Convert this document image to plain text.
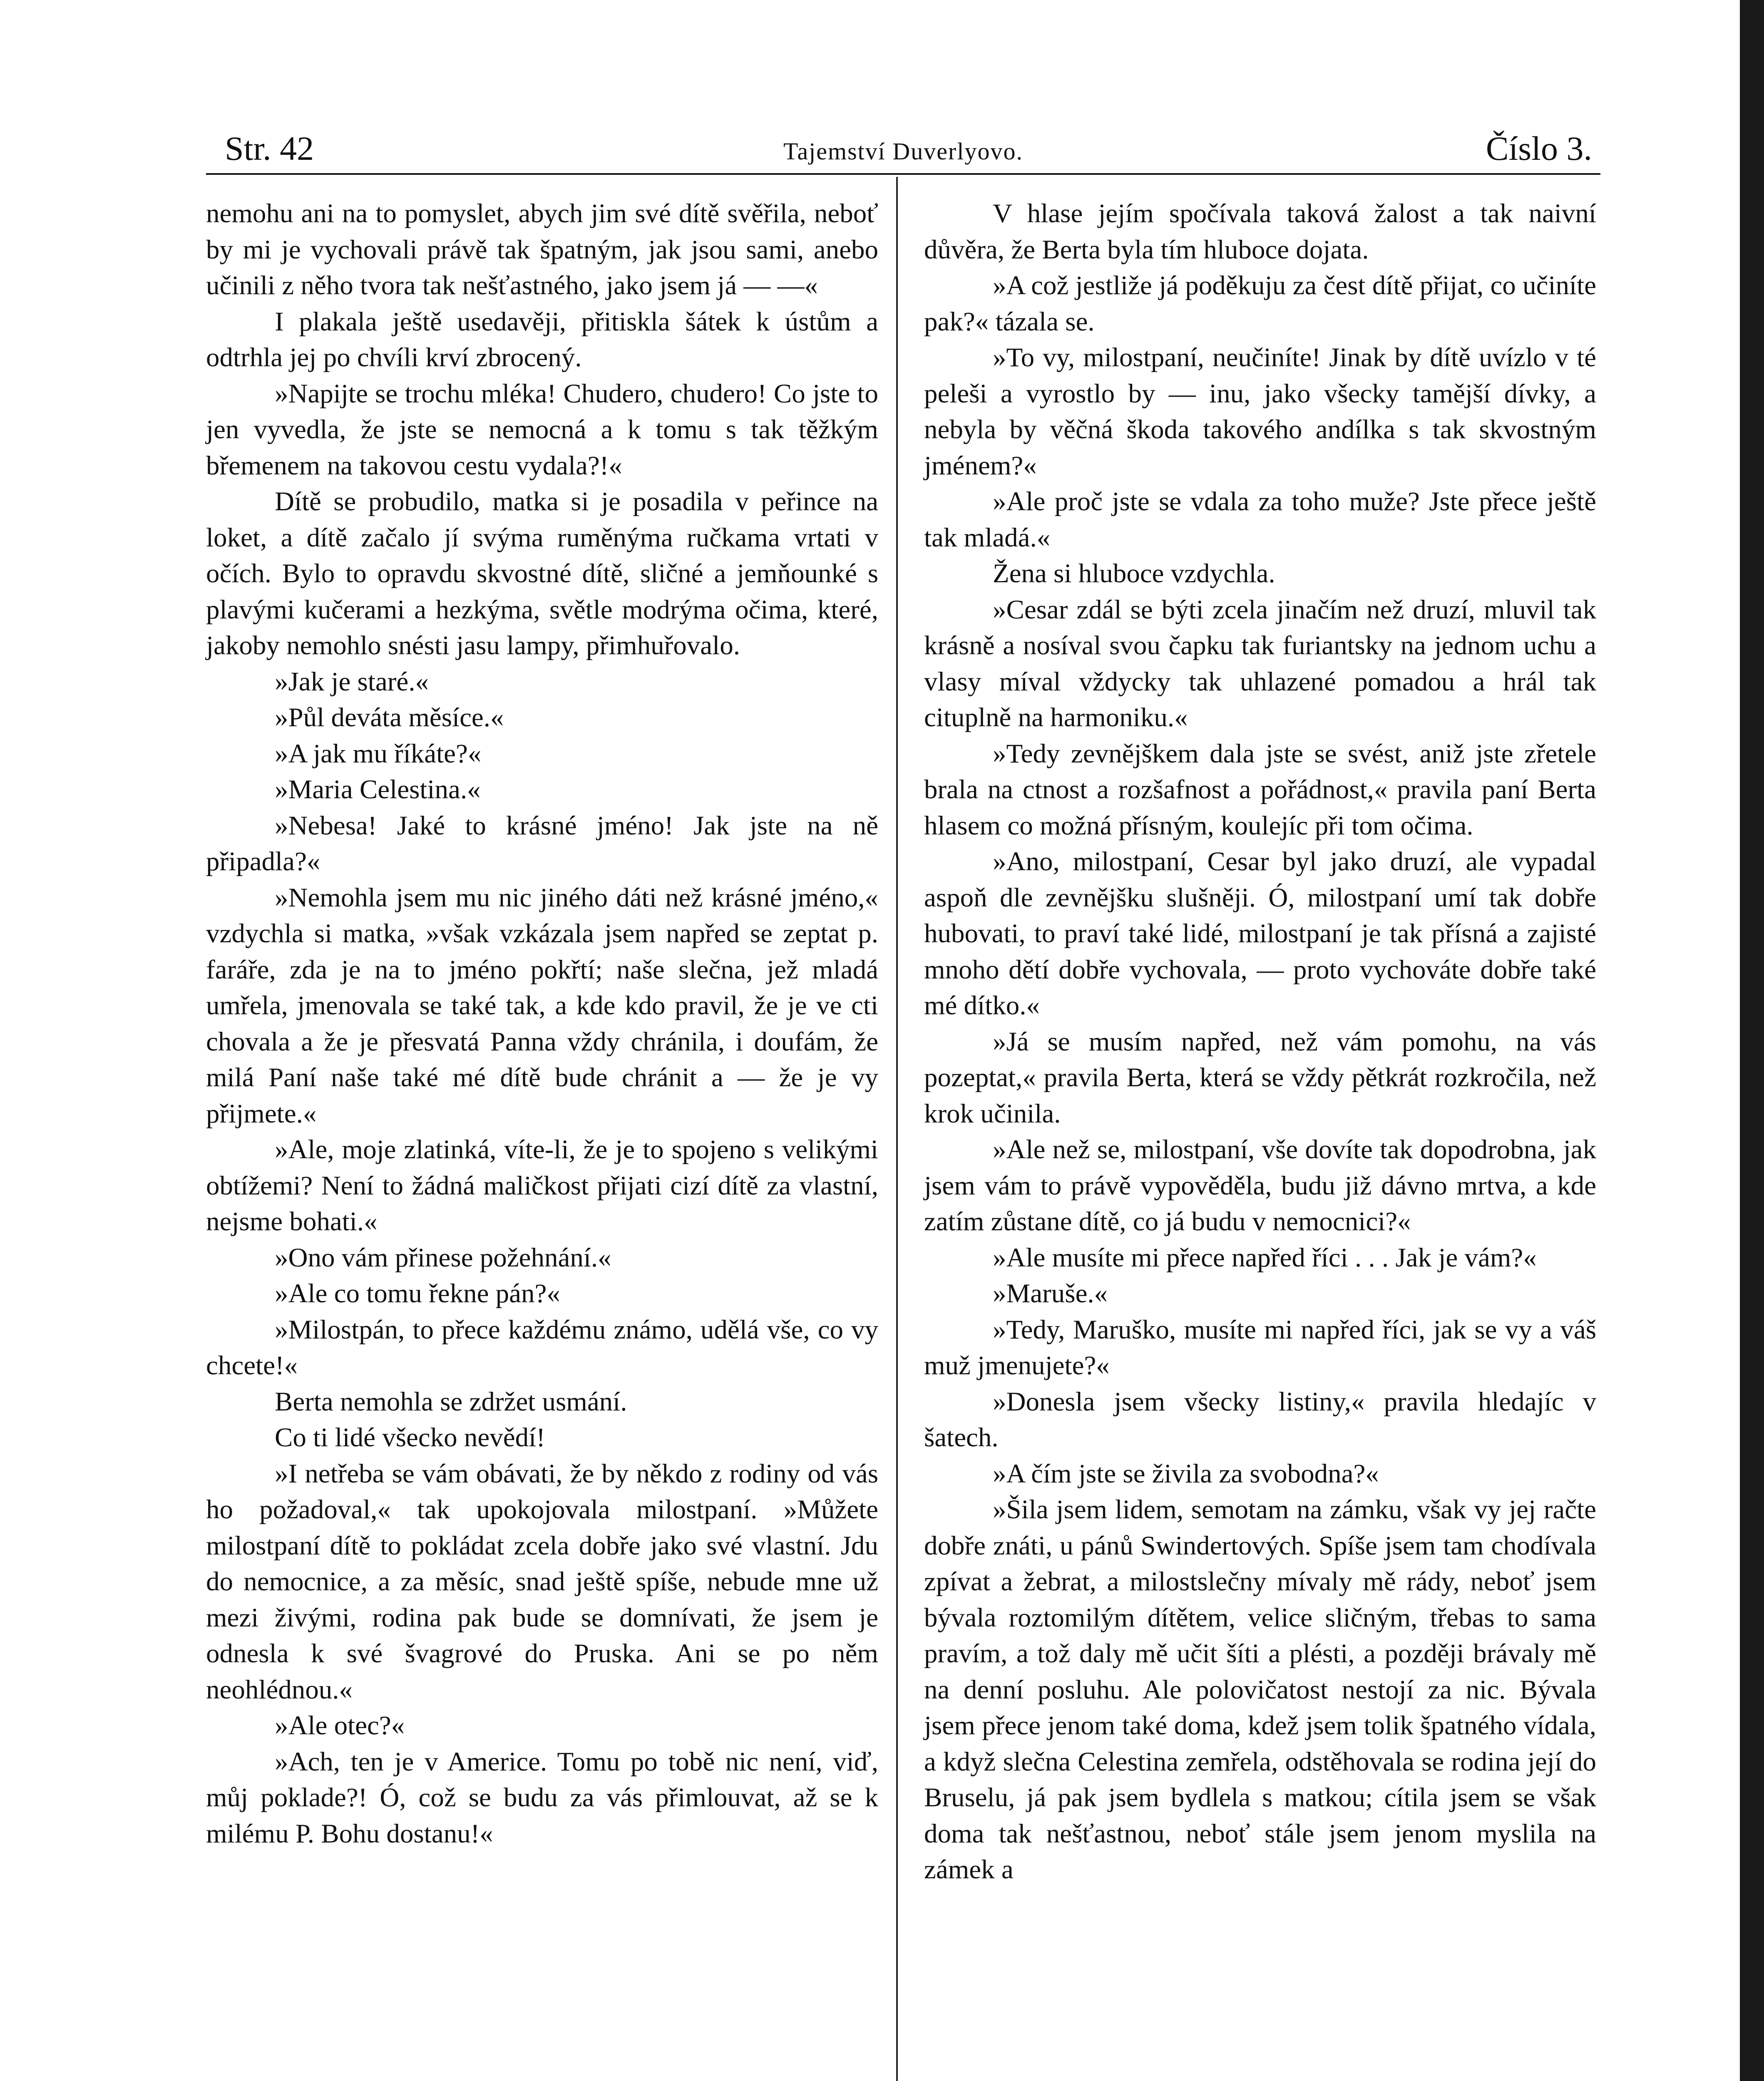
Str. 42	Tajemství Duverlyovo.	Číslo 3.

nemohu ani na to pomyslet, abych jim své dítě svěřila, neboť by mi je vychovali právě tak špatným, jak jsou sami, anebo učinili z něho tvora tak nešťastného, jako jsem já — —«

I plakala ještě usedavěji, přitiskla šátek k ústům a odtrhla jej po chvíli krví zbrocený.

»Napijte se trochu mléka! Chudero, chudero! Co jste to jen vyvedla, že jste se nemocná a k tomu s tak těžkým břemenem na takovou cestu vydala?!«

Dítě se probudilo, matka si je posadila v peřince na loket, a dítě začalo jí svýma ruměnýma ručkama vrtati v očích. Bylo to opravdu skvostné dítě, sličné a jemňounké s plavými kučerami a hezkýma, světle modrýma očima, které, jakoby nemohlo snésti jasu lampy, přimhuřovalo.

»Jak je staré.«

»Půl deváta měsíce.«

»A jak mu říkáte?«

»Maria Celestina.«

»Nebesa! Jaké to krásné jméno! Jak jste na ně připadla?«

»Nemohla jsem mu nic jiného dáti než krásné jméno,« vzdychla si matka, »však vzkázala jsem napřed se zeptat p. faráře, zda je na to jméno pokřtí; naše slečna, jež mladá umřela, jmenovala se také tak, a kde kdo pravil, že je ve cti chovala a že je přesvatá Panna vždy chránila, i doufám, že milá Paní naše také mé dítě bude chránit a — že je vy přijmete.«

»Ale, moje zlatinká, víte-li, že je to spojeno s velikými obtížemi? Není to žádná maličkost přijati cizí dítě za vlastní, nejsme bohati.«

»Ono vám přinese požehnání.«

»Ale co tomu řekne pán?«

»Milostpán, to přece každému známo, udělá vše, co vy chcete!«

Berta nemohla se zdržet usmání.

Co ti lidé všecko nevědí!

»I netřeba se vám obávati, že by někdo z rodiny od vás ho požadoval,« tak upokojovala milostpaní. »Můžete milostpaní dítě to pokládat zcela dobře jako své vlastní. Jdu do nemocnice, a za měsíc, snad ještě spíše, nebude mne už mezi živými, rodina pak bude se domnívati, že jsem je odnesla k své švagrové do Pruska. Ani se po něm neohlédnou.«

»Ale otec?«

»Ach, ten je v Americe. Tomu po tobě nic není, viď, můj poklade?! Ó, což se budu za vás přimlouvat, až se k milému P. Bohu dostanu!«

V hlase jejím spočívala taková žalost a tak naivní důvěra, že Berta byla tím hluboce dojata.

»A což jestliže já poděkuju za čest dítě přijat, co učiníte pak?« tázala se.

»To vy, milostpaní, neučiníte! Jinak by dítě uvízlo v té peleši a vyrostlo by — inu, jako všecky tamější dívky, a nebyla by věčná škoda takového andílka s tak skvostným jménem?«

»Ale proč jste se vdala za toho muže? Jste přece ještě tak mladá.«

Žena si hluboce vzdychla.

»Cesar zdál se býti zcela jinačím než druzí, mluvil tak krásně a nosíval svou čapku tak furiantsky na jednom uchu a vlasy míval vždycky tak uhlazené pomadou a hrál tak cituplně na harmoniku.«

»Tedy zevnějškem dala jste se svést, aniž jste zřetele brala na ctnost a rozšafnost a pořádnost,« pravila paní Berta hlasem co možná přísným, koulejíc při tom očima.

»Ano, milostpaní, Cesar byl jako druzí, ale vypadal aspoň dle zevnějšku slušněji. Ó, milostpaní umí tak dobře hubovati, to praví také lidé, milostpaní je tak přísná a zajisté mnoho dětí dobře vychovala, — proto vychováte dobře také mé dítko.«

»Já se musím napřed, než vám pomohu, na vás pozeptat,« pravila Berta, která se vždy pětkrát rozkročila, než krok učinila.

»Ale než se, milostpaní, vše dovíte tak dopodrobna, jak jsem vám to právě vypověděla, budu již dávno mrtva, a kde zatím zůstane dítě, co já budu v nemocnici?«

»Ale musíte mi přece napřed říci . . . Jak je vám?«

»Maruše.«

»Tedy, Maruško, musíte mi napřed říci, jak se vy a váš muž jmenujete?«

»Donesla jsem všecky listiny,« pravila hledajíc v šatech.

»A čím jste se živila za svobodna?«

»Šila jsem lidem, semotam na zámku, však vy jej račte dobře znáti, u pánů Swindertových. Spíše jsem tam chodívala zpívat a žebrat, a milostslečny mívaly mě rády, neboť jsem bývala roztomilým dítětem, velice sličným, třebas to sama pravím, a tož daly mě učit šíti a plésti, a později brávaly mě na denní posluhu. Ale polovičatost nestojí za nic. Bývala jsem přece jenom také doma, kdež jsem tolik špatného vídala, a když slečna Celestina zemřela, odstěhovala se rodina její do Bruselu, já pak jsem bydlela s matkou; cítila jsem se však doma tak nešťastnou, neboť stále jsem jenom myslila na zámek a
